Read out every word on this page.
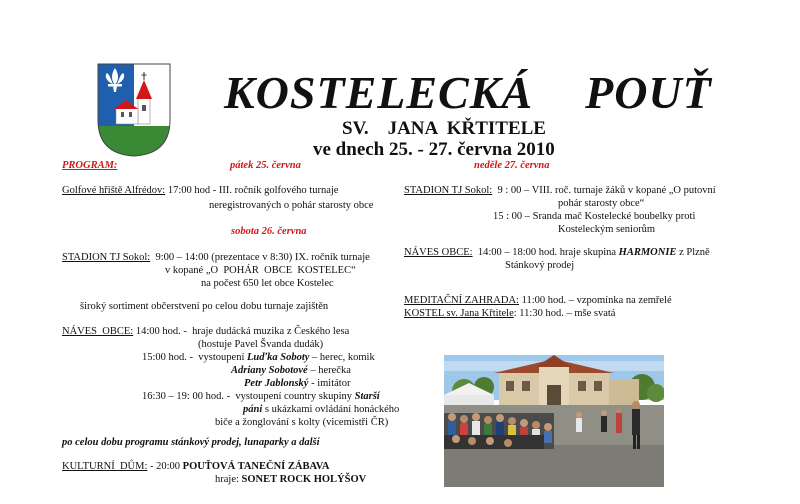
KOSTELECKÁ POUŤ
SV.    JANA  KŘTITELE
ve dnech 25. - 27. června 2010
PROGRAM:	pátek 25. června
Golfové hřiště Alfrédov: 17:00 hod - III. ročník golfového turnaje
neregistrovaných o pohár starosty obce
sobota 26. června
STADION TJ Sokol:  9:00 – 14:00 (prezentace v 8:30) IX. ročník turnaje
v kopané „O  POHÁR  OBCE  KOSTELEC“
na počest 650 let obce Kostelec
široký sortiment občerstvení po celou dobu turnaje zajištěn
NÁVES  OBCE: 14:00 hod. -  hraje dudácká muzika z Českého lesa
(hostuje Pavel Švanda dudák)
15:00 hod. -  vystoupení Luďka Soboty – herec, komik
Adriany Sobotové – herečka
Petr Jablonský - imitátor
16:30 – 19: 00 hod. -  vystoupení country skupiny Starší
páni s ukázkami ovládání honáckého
biče a žonglování s kolty (vicemistři ČR)
po celou dobu programu stánkový prodej, lunaparky a další
KULTURNÍ  DŮM: - 20:00 POUŤOVÁ TANEČNÍ ZÁBAVA
hraje: SONET ROCK HOLÝŠOV
neděle 27. června
STADION TJ Sokol:  9 : 00 – VIII. roč. turnaje žáků v kopané „O putovní
pohár starosty obce“
15 : 00 – Sranda mač Kostelecké boubelky proti
Kosteleckým seniorům
NÁVES OBCE:  14:00 – 18:00 hod. hraje skupina HARMONIE z Plzně
Stánkový prodej
MEDITAČNÍ ZAHRADA: 11:00 hod. – vzpomínka na zemřelé
KOSTEL sv. Jana Křtitele: 11:30 hod. – mše svatá
